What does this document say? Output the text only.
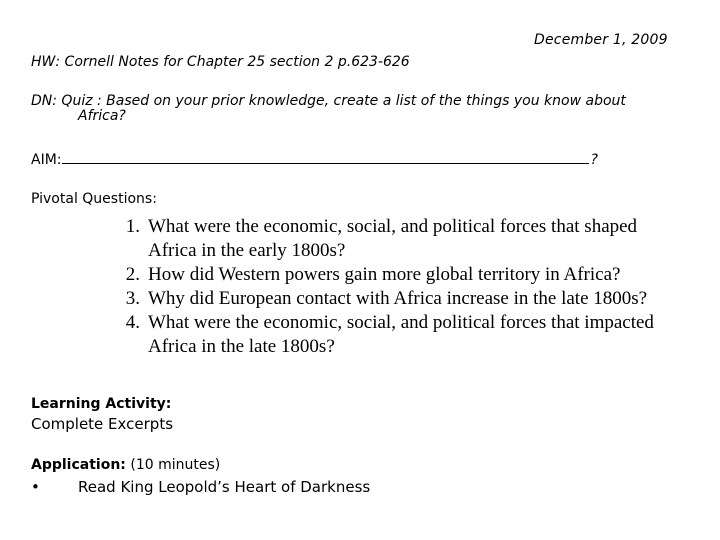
December 1, 2009
HW: Cornell Notes for Chapter 25 section 2 p.623-626
DN: Quiz : Based on your prior knowledge, create a list of the things you know about
Africa?
AIM:	?
Pivotal Questions:
1. What were the economic, social, and political forces that shaped
Africa in the early 1800s?
2. How did Western powers gain more global territory in Africa?
3. Why did European contact with Africa increase in the late 1800s?
4. What were the economic, social, and political forces that impacted
Africa in the late 1800s?
Learning Activity:
Complete Excerpts
Application: (10 minutes)
•	Read King Leopold’s Heart of Darkness
